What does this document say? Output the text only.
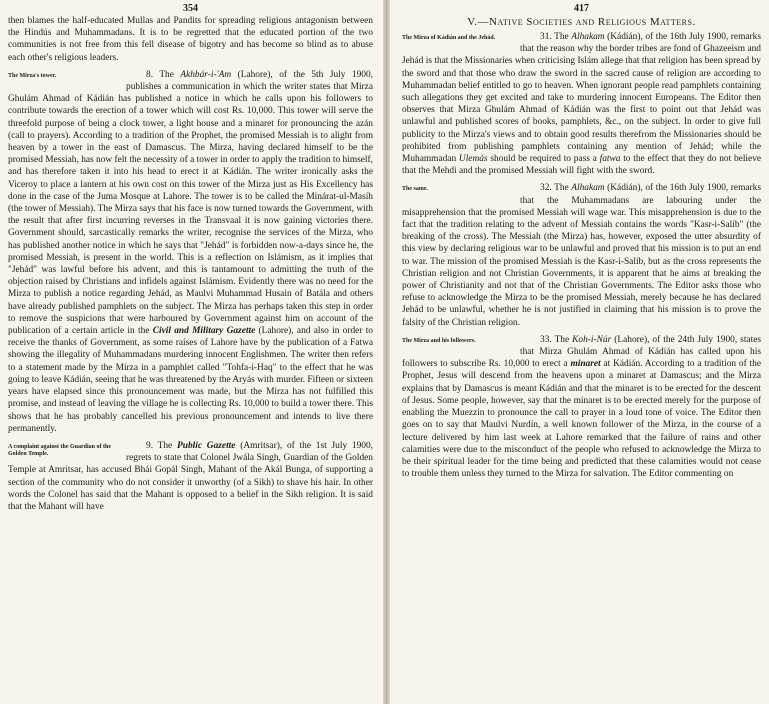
354

then blames the half-educated Mullas and Pandits for spreading religious antagonism between the Hindús and Muhammadans. It is to be regretted that the educated portion of the two communities is not free from this fell disease of bigotry and has become so blind as to abuse each other's religious leaders.

The Mirza's tower.	8. The Akhbár-i-'Am (Lahore), of the 5th July 1900, publishes a communication in which the writer states that Mirza Ghulám Ahmad of Kádián has published a notice in which he calls upon his followers to contribute towards the erection of a tower which will cost Rs. 10,000. This tower will serve the threefold purpose of being a clock tower, a light house and a minaret for pronouncing the azán (call to prayers). According to a tradition of the Prophet, the promised Messiah is to alight from heaven by a tower in the east of Damascus. The Mirza, having declared himself to be the promised Messiah, has now felt the necessity of a tower in order to apply the tradition to himself, and has therefore taken it into his head to erect it at Kádián. The writer ironically asks the Viceroy to place a lantern at his own cost on this tower of the Mirza just as His Excellency has done in the case of the Juma Mosque at Lahore. The tower is to be called the Minárat-ul-Masíh (the tower of Messiah). The Mirza says that his face is now turned towards the Government, with the result that after first incurring reverses in the Transvaal it is now gaining victories there. Government should, sarcastically remarks the writer, recognise the services of the Mirza, who has published another notice in which he says that "Jehád" is forbidden now-a-days since he, the promised Messiah, is present in the world. This is a reflection on Islámism, as it implies that "Jehád" was lawful before his advent, and this is tantamount to admitting the truth of the objection raised by Christians and infidels against Islámism. Evidently there was no need for the Mirza to publish a notice regarding Jehád, as Maulvi Muhammad Husain of Batála and others have already published pamphlets on the subject. The Mirza has perhaps taken this step in order to remove the suspicions that were harboured by Government against him on account of the publication of a certain article in the Civil and Military Gazette (Lahore), and also in order to receive the thanks of Government, as some raíses of Lahore have by the publication of a Fatwa showing the illegality of Muhammadans murdering innocent Englishmen. The writer then refers to a statement made by the Mirza in a pamphlet called "Tohfa-i-Haq" to the effect that he was going to leave Kádián, seeing that he was threatened by the Aryás with murder. Fifteen or sixteen years have elapsed since this pronouncement was made, but the Mirza has not fulfilled this promise, and instead of leaving the village he is collecting Rs. 10,000 to build a tower there. This shows that he has probably cancelled his previous pronouncement and intends to live there permanently.

A complaint against the Guardian of the Golden Temple.

9. The Public Gazette (Amritsar), of the 1st July 1900, regrets to state that Colonel Jwála Singh, Guardian of the Golden Temple at Amritsar, has accused Bhái Gopál Singh, Mahant of the Akál Bunga, of supporting a section of the community who do not consider it unworthy (of a Sikh) to shave his hair. In other words the Colonel has said that the Mahant is opposed to a belief in the Sikh religion. It is said that the Mahant will have

417
V.—Native Societies and Religious Matters.
The Mirza of Kádián and the Jehád.	31. The Alhakam (Kádián), of the 16th July 1900, remarks that the reason why the border tribes are fond of Ghazeeism and Jehád is that the Missionaries when criticising Islám allege that that religion has been spread by the sword and that those who draw the sword in the sacred cause of religion are according to Muhammadan belief entitled to go to heaven. When ignorant people read pamphlets containing such allegations they get excited and take to murdering innocent Europeans. The Editor then observes that Mirza Ghulám Ahmad of Kádián was the first to point out that Jehád was unlawful and published scores of books, pamphlets, &c., on the subject. In order to give full publicity to the Mirza's views and to obtain good results therefrom the Missionaries should be prohibited from publishing pamphlets containing any mention of Jehád; while the Muhammadan Ulemás should be required to pass a fatwa to the effect that they do not believe that the Mehdi and the promised Messiah will fight with the sword.

The same.	32. The Alhakam (Kádián), of the 16th July 1900, remarks that the Muhammadans are labouring under the misapprehension that the promised Messiah will wage war. This misapprehension is due to the fact that the tradition relating to the advent of Messiah contains the words "Kasr-i-Salíb" (the breaking of the cross). The Messiah (the Mirza) has, however, exposed the utter absurdity of this view by declaring religious war to be unlawful and proved that his mission is to put an end to war. The mission of the promised Messiah is the Kasr-i-Salíb, but as the cross represents the Christian religion and not Christian Governments, it is apparent that he aims at breaking the power of Christianity and not that of the Christian Governments. The Editor asks those who refuse to acknowledge the Mirza to be the promised Messiah, merely because he has declared Jehád to be unlawful, whether he is not justified in claiming that his mission is to prove the falsity of the Christian religion.

The Mirza and his followers.	33. The Koh-i-Núr (Lahore), of the 24th July 1900, states that Mirza Ghulám Ahmad of Kádián has called upon his followers to subscribe Rs. 10,000 to erect a minaret at Kádián. According to a tradition of the Prophet, Jesus will descend from the heavens upon a minaret at Damascus; and the Mirza explains that by Damascus is meant Kádián and that the minaret is to be erected for the descent of Jesus. Some people, however, say that the minaret is to be erected merely for the purpose of enabling the Muezzin to pronounce the call to prayer in a loud tone of voice. The Editor then goes on to say that Maulvi Nurdín, a well known follower of the Mirza, in the course of a lecture delivered by him last week at Lahore remarked that the failure of rains and other calamities were due to the misconduct of the people who refused to acknowledge the Mirza to be their spiritual leader for the time being and predicted that these calamities would not cease to trouble them unless they turned to the Mirza for salvation. The Editor commenting on
